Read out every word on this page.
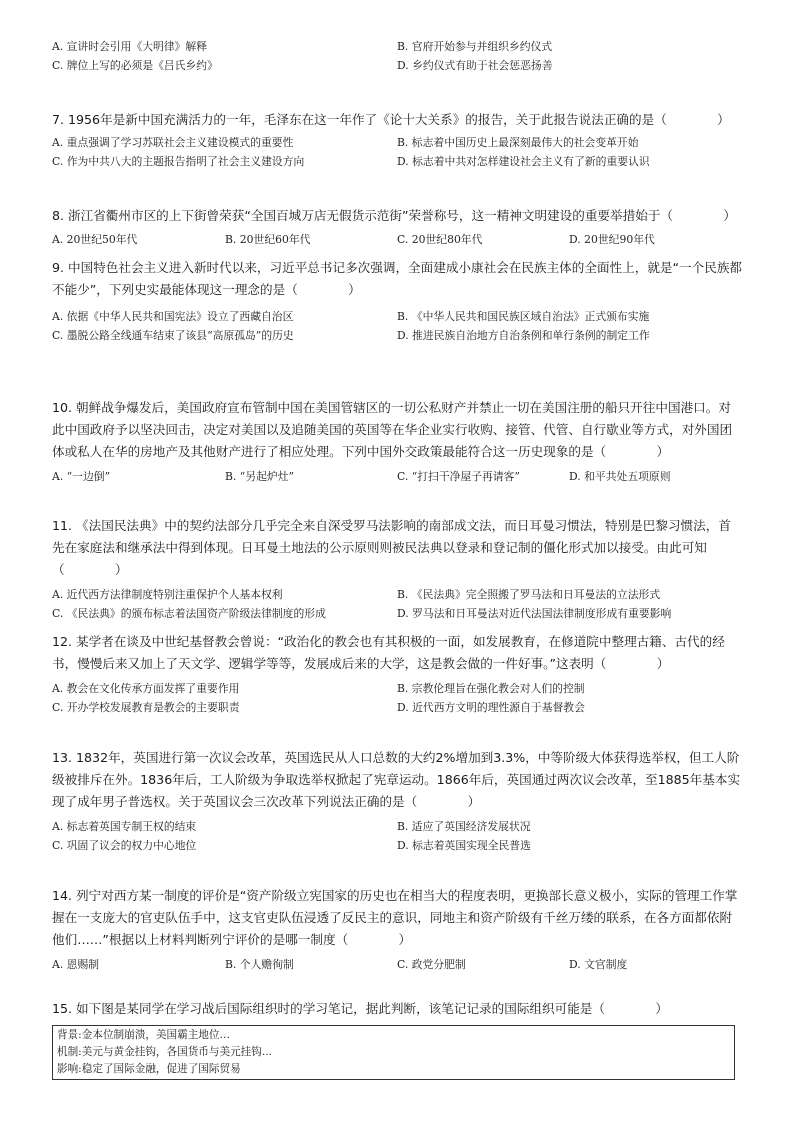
A. 宣讲时会引用《大明律》解释	B. 官府开始参与并组织乡约仪式
C. 牌位上写的必须是《吕氏乡约》	D. 乡约仪式有助于社会惩恶扬善

7. 1956年是新中国充满活力的一年，毛泽东在这一年作了《论十大关系》的报告，关于此报告说法正确的是（　　　　）

A. 重点强调了学习苏联社会主义建设模式的重要性	B. 标志着中国历史上最深刻最伟大的社会变革开始
C. 作为中共八大的主题报告指明了社会主义建设方向	D. 标志着中共对怎样建设社会主义有了新的重要认识

8. 浙江省衢州市区的上下街曾荣获“全国百城万店无假货示范街”荣誉称号，这一精神文明建设的重要举措始于（　　　　）

A. 20世纪50年代	B. 20世纪60年代	C. 20世纪80年代	D. 20世纪90年代

9. 中国特色社会主义进入新时代以来，习近平总书记多次强调，全面建成小康社会在民族主体的全面性上，就是“一个民族都不能少”，下列史实最能体现这一理念的是（　　　　）

A. 依据《中华人民共和国宪法》设立了西藏自治区	B. 《中华人民共和国民族区域自治法》正式颁布实施
C. 墨脱公路全线通车结束了该县“高原孤岛”的历史	D. 推进民族自治地方自治条例和单行条例的制定工作

10. 朝鲜战争爆发后，美国政府宣布管制中国在美国管辖区的一切公私财产并禁止一切在美国注册的船只开往中国港口。对此中国政府予以坚决回击，决定对美国以及追随美国的英国等在华企业实行收购、接管、代管、自行歇业等方式，对外国团体或私人在华的房地产及其他财产进行了相应处理。下列中国外交政策最能符合这一历史现象的是（　　　　）

A. “一边倒”	B. “另起炉灶”	C. “打扫干净屋子再请客”	D. 和平共处五项原则

11. 《法国民法典》中的契约法部分几乎完全来自深受罗马法影响的南部成文法，而日耳曼习惯法，特别是巴黎习惯法，首先在家庭法和继承法中得到体现。日耳曼土地法的公示原则则被民法典以登录和登记制的僵化形式加以接受。由此可知（　　　　）

A. 近代西方法律制度特别注重保护个人基本权利	B. 《民法典》完全照搬了罗马法和日耳曼法的立法形式
C. 《民法典》的颁布标志着法国资产阶级法律制度的形成	D. 罗马法和日耳曼法对近代法国法律制度形成有重要影响

12. 某学者在谈及中世纪基督教会曾说：“政治化的教会也有其积极的一面，如发展教育，在修道院中整理古籍、古代的经书，慢慢后来又加上了天文学、逻辑学等等，发展成后来的大学，这是教会做的一件好事。”这表明（　　　　）

A. 教会在文化传承方面发挥了重要作用	B. 宗教伦理旨在强化教会对人们的控制
C. 开办学校发展教育是教会的主要职责	D. 近代西方文明的理性源自于基督教会

13. 1832年，英国进行第一次议会改革，英国选民从人口总数的大约2%增加到3.3%，中等阶级大体获得选举权，但工人阶级被排斥在外。1836年后，工人阶级为争取选举权掀起了宪章运动。1866年后，英国通过两次议会改革，至1885年基本实现了成年男子普选权。关于英国议会三次改革下列说法正确的是（　　　　）

A. 标志着英国专制王权的结束	B. 适应了英国经济发展状况
C. 巩固了议会的权力中心地位	D. 标志着英国实现全民普选

14. 列宁对西方某一制度的评价是“资产阶级立宪国家的历史也在相当大的程度表明，更换部长意义极小，实际的管理工作掌握在一支庞大的官吏队伍手中，这支官吏队伍浸透了反民主的意识，同地主和资产阶级有千丝万缕的联系，在各方面都依附他们……”根据以上材料判断列宁评价的是哪一制度（　　　　）

A. 恩赐制	B. 个人赡徇制	C. 政党分肥制	D. 文官制度

15. 如下图是某同学在学习战后国际组织时的学习笔记，据此判断，该笔记记录的国际组织可能是（　　　　）

背景:金本位制崩溃，美国霸主地位…
机制:美元与黄金挂钩，各国货币与美元挂钩...
影响:稳定了国际金融，促进了国际贸易
